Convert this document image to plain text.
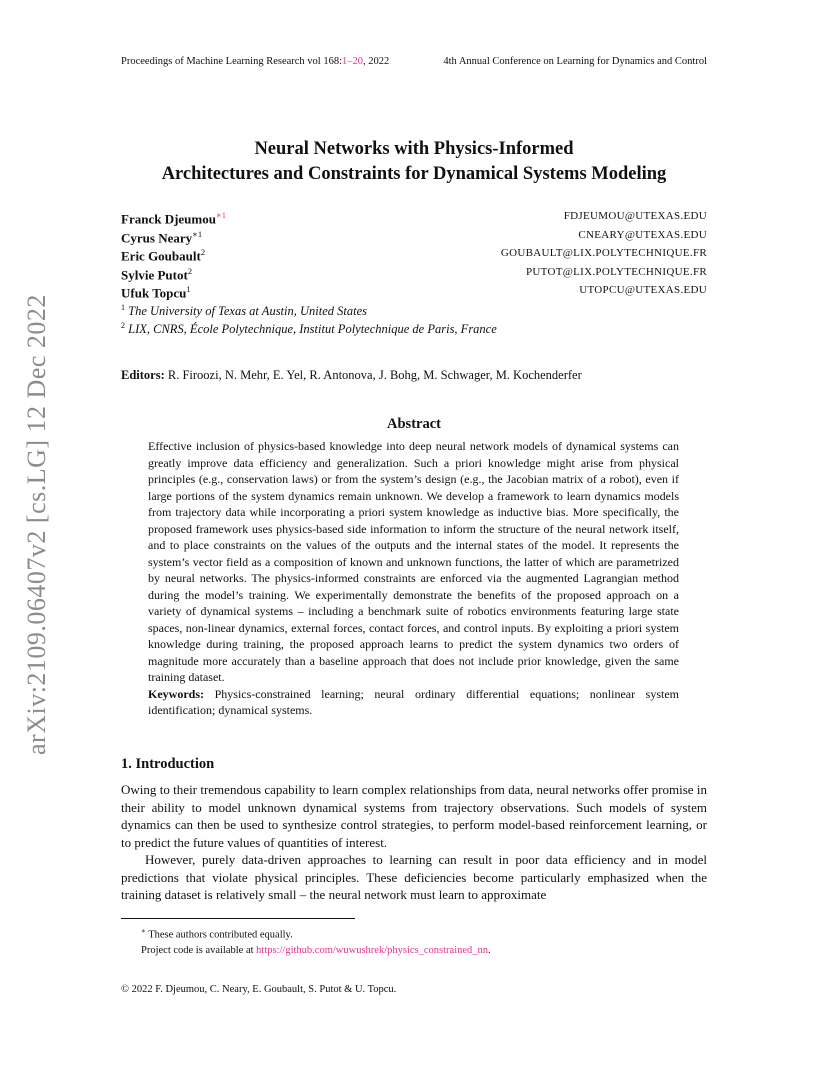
arXiv:2109.06407v2 [cs.LG] 12 Dec 2022
Proceedings of Machine Learning Research vol 168:1–20, 2022	4th Annual Conference on Learning for Dynamics and Control
Neural Networks with Physics-Informed
Architectures and Constraints for Dynamical Systems Modeling
Franck Djeumou$^{∗1}$	FDJEUMOU@UTEXAS.EDU
Cyrus Neary$^{∗1}$	CNEARY@UTEXAS.EDU
Eric Goubault$^2$	GOUBAULT@LIX.POLYTECHNIQUE.FR
Sylvie Putot$^2$	PUTOT@LIX.POLYTECHNIQUE.FR
Ufuk Topcu$^1$	UTOPCU@UTEXAS.EDU
$^1$ The University of Texas at Austin, United States
$^2$ LIX, CNRS, École Polytechnique, Institut Polytechnique de Paris, France
Editors: R. Firoozi, N. Mehr, E. Yel, R. Antonova, J. Bohg, M. Schwager, M. Kochenderfer
Abstract

Effective inclusion of physics-based knowledge into deep neural network models of dynamical systems can greatly improve data efficiency and generalization. Such a priori knowledge might arise from physical principles (e.g., conservation laws) or from the system’s design (e.g., the Jacobian matrix of a robot), even if large portions of the system dynamics remain unknown. We develop a framework to learn dynamics models from trajectory data while incorporating a priori system knowledge as inductive bias. More specifically, the proposed framework uses physics-based side information to inform the structure of the neural network itself, and to place constraints on the values of the outputs and the internal states of the model. It represents the system’s vector field as a composition of known and unknown functions, the latter of which are parametrized by neural networks. The physics-informed constraints are enforced via the augmented Lagrangian method during the model’s training. We experimentally demonstrate the benefits of the proposed approach on a variety of dynamical systems – including a benchmark suite of robotics environments featuring large state spaces, non-linear dynamics, external forces, contact forces, and control inputs. By exploiting a priori system knowledge during training, the proposed approach learns to predict the system dynamics two orders of magnitude more accurately than a baseline approach that does not include prior knowledge, given the same training dataset.

Keywords: Physics-constrained learning; neural ordinary differential equations; nonlinear system identification; dynamical systems.

1. Introduction

Owing to their tremendous capability to learn complex relationships from data, neural networks offer promise in their ability to model unknown dynamical systems from trajectory observations. Such models of system dynamics can then be used to synthesize control strategies, to perform model-based reinforcement learning, or to predict the future values of quantities of interest.

However, purely data-driven approaches to learning can result in poor data efficiency and in model predictions that violate physical principles. These deficiencies become particularly emphasized when the training dataset is relatively small – the neural network must learn to approximate

∗ These authors contributed equally.
Project code is available at https://github.com/wuwushrek/physics_constrained_nn.
© 2022 F. Djeumou, C. Neary, E. Goubault, S. Putot & U. Topcu.
